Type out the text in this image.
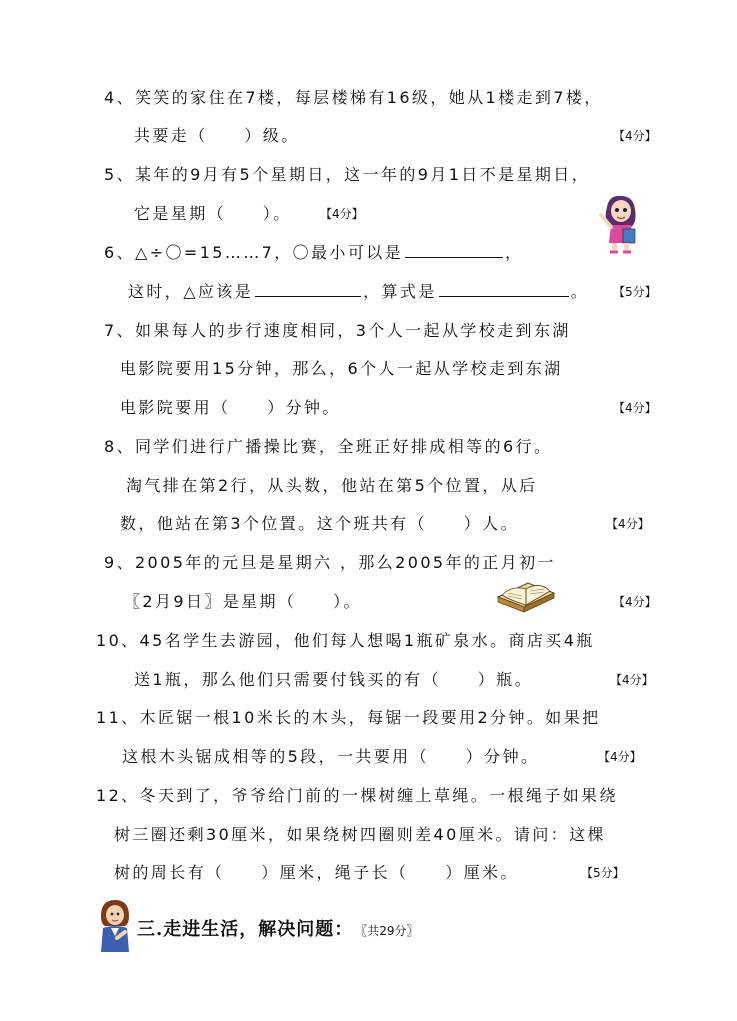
4、笑笑的家住在7楼，每层楼梯有16级，她从1楼走到7楼，
共要走（　　）级。	【4分】
5、某年的9月有5个星期日，这一年的9月1日不是星期日，
它是星期（　　）。 【4分】
6、△÷〇=15……7，〇最小可以是	，
这时，△应该是	，算式是	。 【5分】
7、如果每人的步行速度相同，3个人一起从学校走到东湖
电影院要用15分钟，那么，6个人一起从学校走到东湖
电影院要用（　　）分钟。	【4分】
8、同学们进行广播操比赛，全班正好排成相等的6行。
淘气排在第2行，从头数，他站在第5个位置，从后
数，他站在第3个位置。这个班共有（　　）人。	【4分】
9、2005年的元旦是星期六 ，那么2005年的正月初一
〖2月9日〗是星期（　　）。	【4分】
10、45名学生去游园，他们每人想喝1瓶矿泉水。商店买4瓶
送1瓶，那么他们只需要付钱买的有（　　）瓶。	【4分】
11、木匠锯一根10米长的木头，每锯一段要用2分钟。如果把
这根木头锯成相等的5段，一共要用（　　）分钟。	【4分】
12、冬天到了，爷爷给门前的一棵树缠上草绳。一根绳子如果绕
树三圈还剩30厘米，如果绕树四圈则差40厘米。请问：这棵
树的周长有（　　）厘米，绳子长（　　）厘米。	【5分】
三.走进生活，解决问题： 〖共29分〗
